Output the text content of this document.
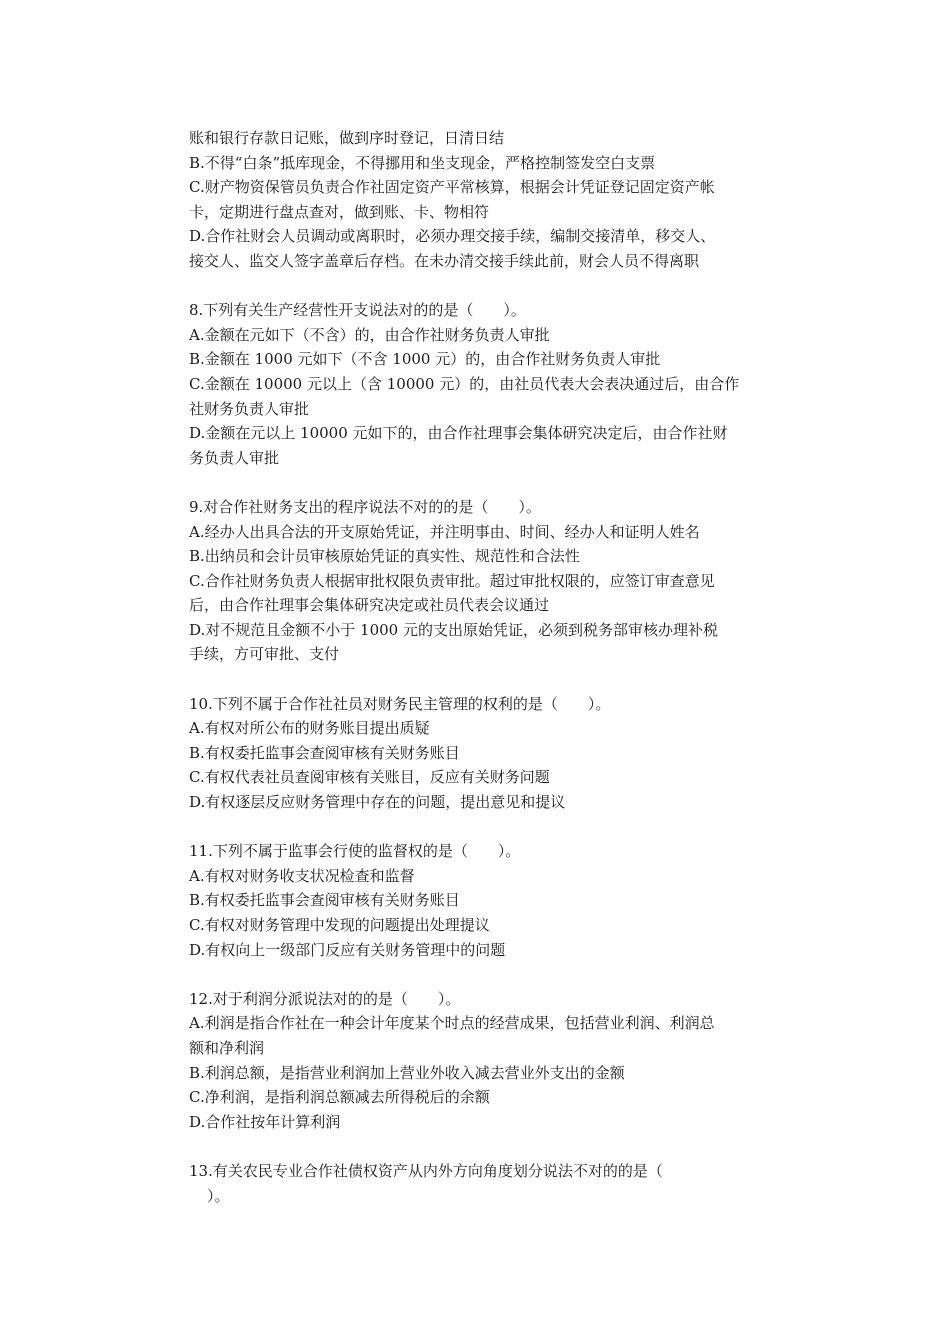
账和银行存款日记账，做到序时登记，日清日结
B.不得“白条”抵库现金，不得挪用和坐支现金，严格控制签发空白支票
C.财产物资保管员负责合作社固定资产平常核算，根据会计凭证登记固定资产帐
卡，定期进行盘点查对，做到账、卡、物相符
D.合作社财会人员调动或离职时，必须办理交接手续，编制交接清单，移交人、
接交人、监交人签字盖章后存档。在未办清交接手续此前，财会人员不得离职
8.下列有关生产经营性开支说法对的的是（　　）。
A.金额在元如下（不含）的，由合作社财务负责人审批
B.金额在 1000 元如下（不含 1000 元）的，由合作社财务负责人审批
C.金额在 10000 元以上（含 10000 元）的，由社员代表大会表决通过后，由合作
社财务负责人审批
D.金额在元以上 10000 元如下的，由合作社理事会集体研究决定后，由合作社财
务负责人审批
9.对合作社财务支出的程序说法不对的的是（　　）。
A.经办人出具合法的开支原始凭证，并注明事由、时间、经办人和证明人姓名
B.出纳员和会计员审核原始凭证的真实性、规范性和合法性
C.合作社财务负责人根据审批权限负责审批。超过审批权限的，应签订审查意见
后，由合作社理事会集体研究决定或社员代表会议通过
D.对不规范且金额不小于 1000 元的支出原始凭证，必须到税务部审核办理补税
手续，方可审批、支付
10.下列不属于合作社社员对财务民主管理的权利的是（　　）。
A.有权对所公布的财务账目提出质疑
B.有权委托监事会查阅审核有关财务账目
C.有权代表社员查阅审核有关账目，反应有关财务问题
D.有权逐层反应财务管理中存在的问题，提出意见和提议
11.下列不属于监事会行使的监督权的是（　　）。
A.有权对财务收支状况检查和监督
B.有权委托监事会查阅审核有关财务账目
C.有权对财务管理中发现的问题提出处理提议
D.有权向上一级部门反应有关财务管理中的问题
12.对于利润分派说法对的的是（　　）。
A.利润是指合作社在一种会计年度某个时点的经营成果，包括营业利润、利润总
额和净利润
B.利润总额，是指营业利润加上营业外收入减去营业外支出的金额
C.净利润，是指利润总额减去所得税后的余额
D.合作社按年计算利润
13.有关农民专业合作社债权资产从内外方向角度划分说法不对的的是（
）。
